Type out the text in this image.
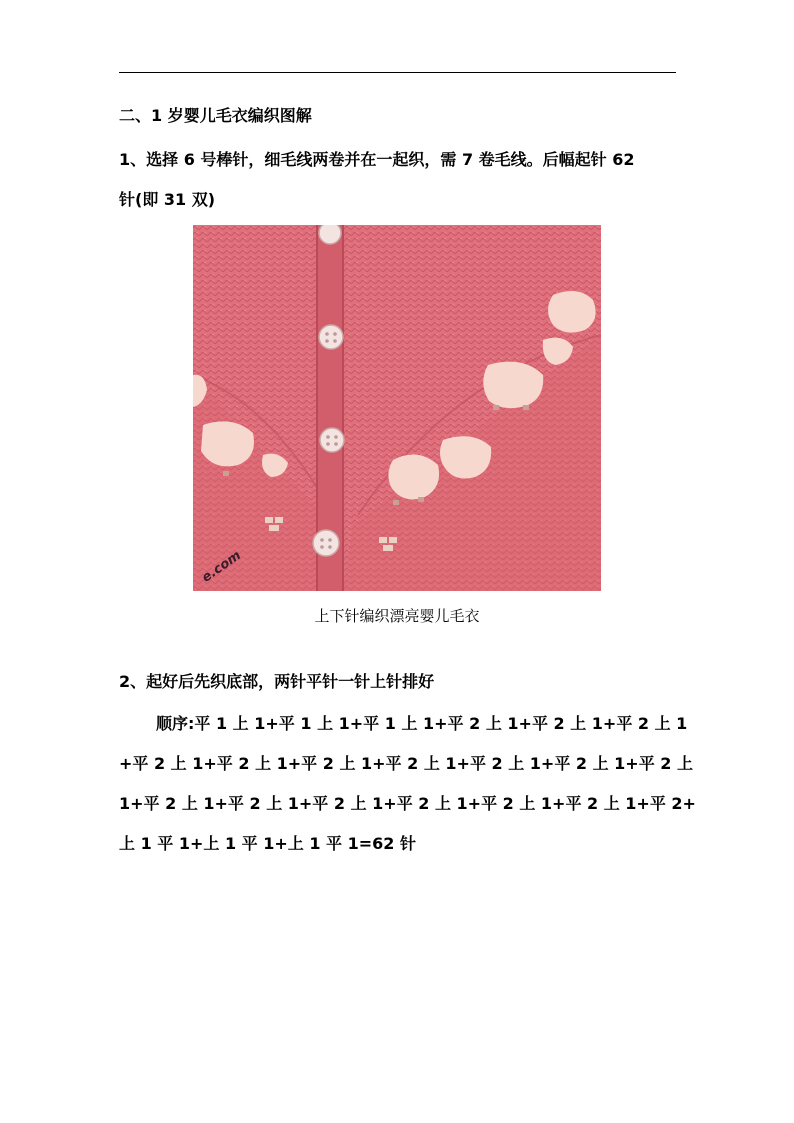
二、1 岁婴儿毛衣编织图解
1、选择 6 号棒针，细毛线两卷并在一起织，需 7 卷毛线。后幅起针 62
针(即 31 双)
e.com
上下针编织漂亮婴儿毛衣
2、起好后先织底部，两针平针一针上针排好
顺序:平 1 上 1+平 1 上 1+平 1 上 1+平 2 上 1+平 2 上 1+平 2 上 1
+平 2 上 1+平 2 上 1+平 2 上 1+平 2 上 1+平 2 上 1+平 2 上 1+平 2 上
1+平 2 上 1+平 2 上 1+平 2 上 1+平 2 上 1+平 2 上 1+平 2 上 1+平 2+
上 1 平 1+上 1 平 1+上 1 平 1=62 针
